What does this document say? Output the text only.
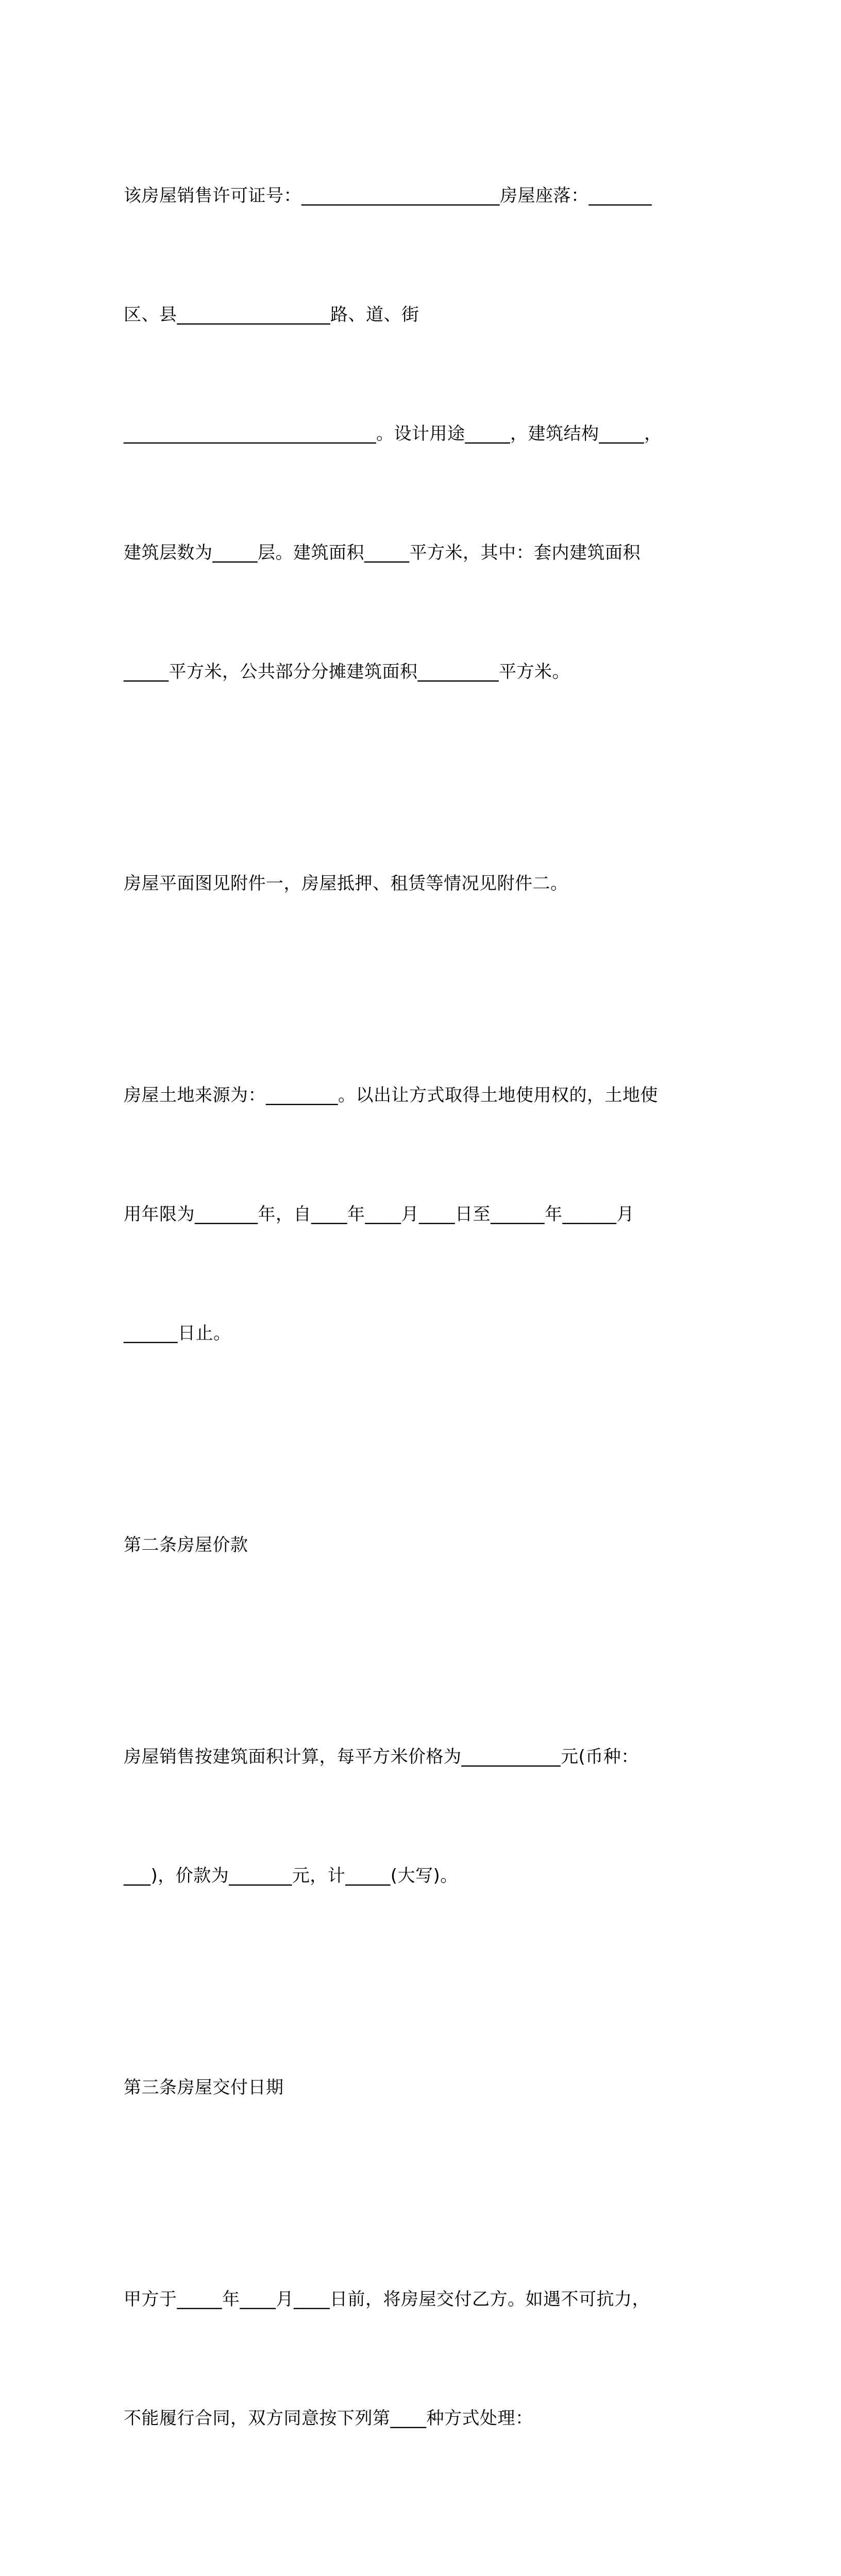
该房屋销售许可证号：______________________房屋座落：_______

区、县_________________路、道、街

____________________________。设计用途_____，建筑结构_____，

建筑层数为_____层。建筑面积_____平方米，其中：套内建筑面积

_____平方米，公共部分分摊建筑面积_________平方米。

房屋平面图见附件一，房屋抵押、租赁等情况见附件二。

房屋土地来源为：________。以出让方式取得土地使用权的，土地使

用年限为_______年，自____年____月____日至______年______月

______日止。

第二条房屋价款

房屋销售按建筑面积计算，每平方米价格为___________元(币种：

___)，价款为_______元，计_____(大写)。

第三条房屋交付日期

甲方于_____年____月____日前，将房屋交付乙方。如遇不可抗力，

不能履行合同，双方同意按下列第____种方式处理：
